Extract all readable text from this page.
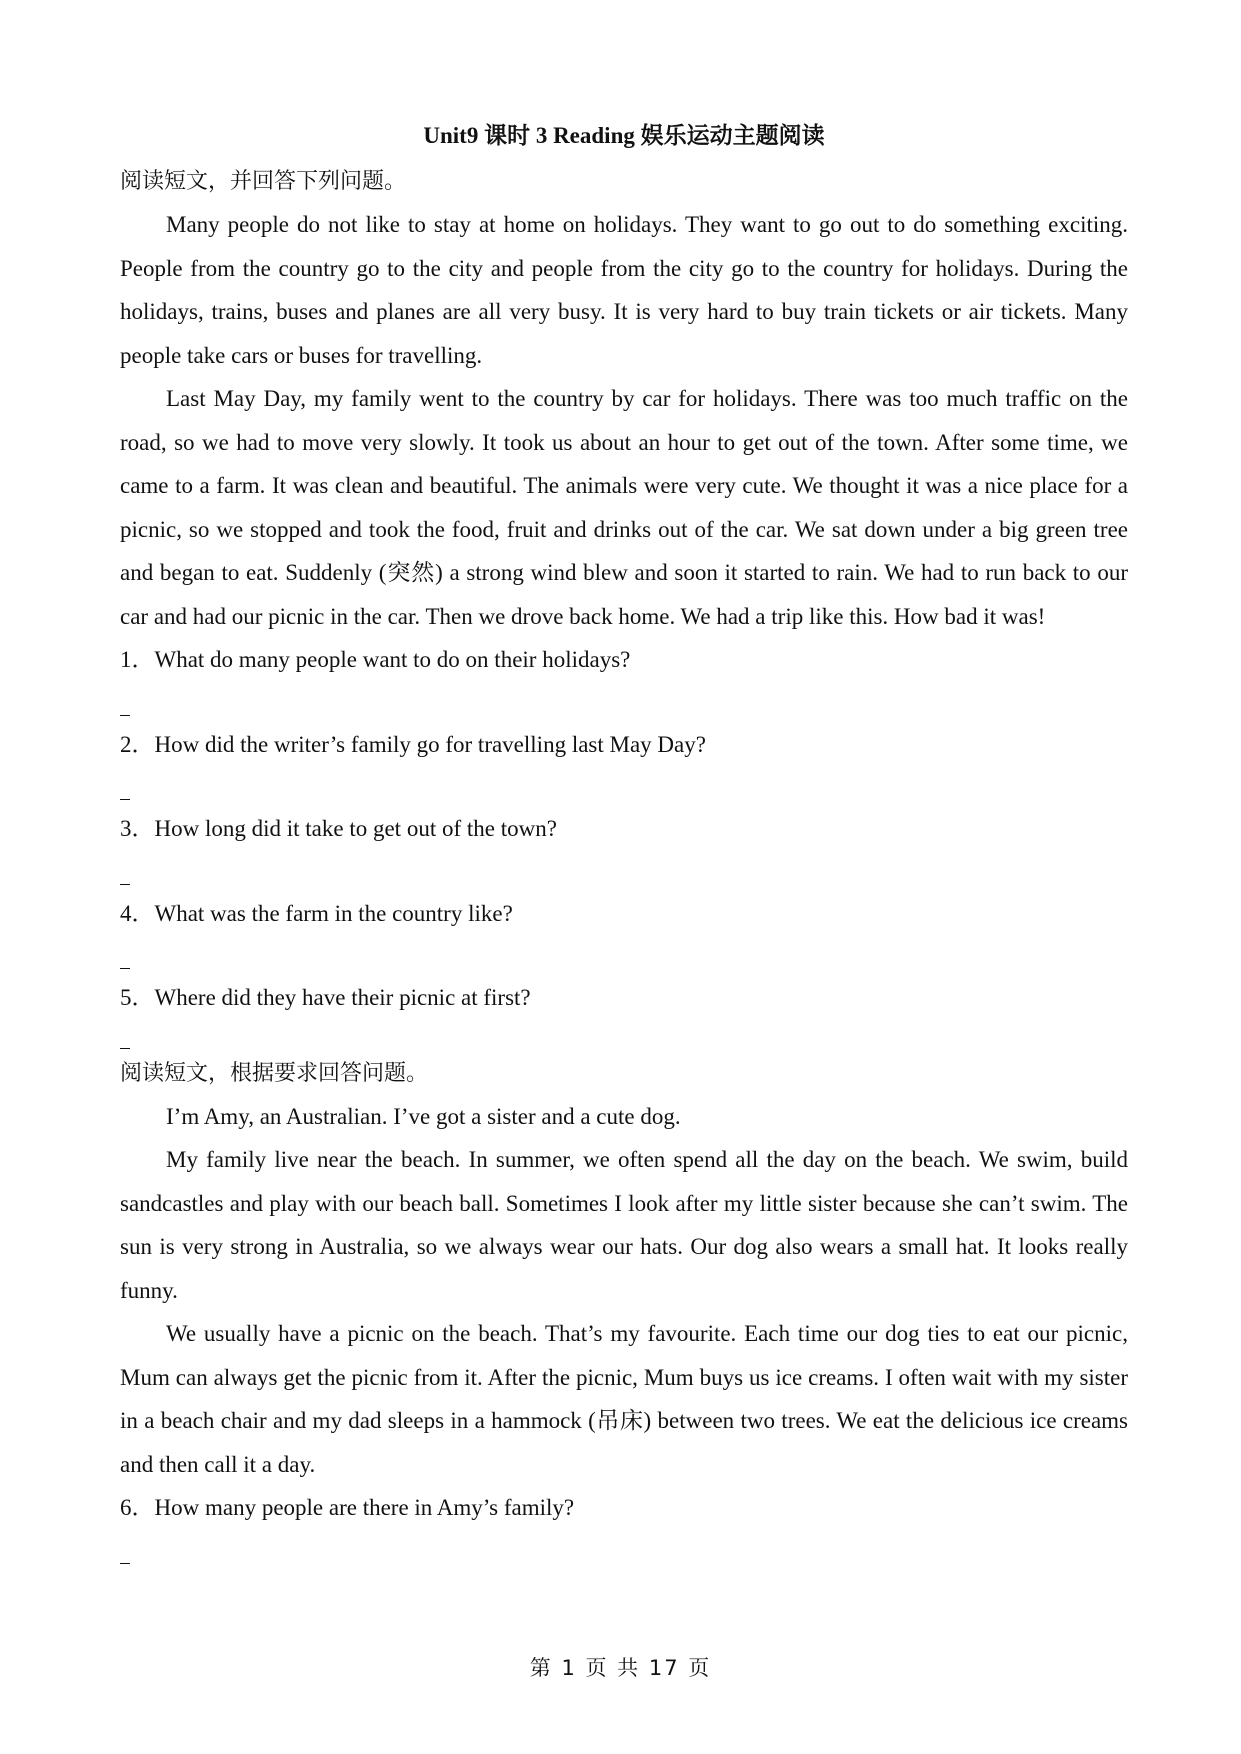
Unit9 课时 3 Reading 娱乐运动主题阅读

阅读短文，并回答下列问题。

Many people do not like to stay at home on holidays. They want to go out to do something exciting. People from the country go to the city and people from the city go to the country for holidays. During the holidays, trains, buses and planes are all very busy. It is very hard to buy train tickets or air tickets. Many people take cars or buses for travelling.

Last May Day, my family went to the country by car for holidays. There was too much traffic on the road, so we had to move very slowly. It took us about an hour to get out of the town. After some time, we came to a farm. It was clean and beautiful. The animals were very cute. We thought it was a nice place for a picnic, so we stopped and took the food, fruit and drinks out of the car. We sat down under a big green tree and began to eat. Suddenly (突然) a strong wind blew and soon it started to rain. We had to run back to our car and had our picnic in the car. Then we drove back home. We had a trip like this. How bad it was!

1．What do many people want to do on their holidays?

2．How did the writer’s family go for travelling last May Day?

3．How long did it take to get out of the town?

4．What was the farm in the country like?

5．Where did they have their picnic at first?

阅读短文，根据要求回答问题。

I’m Amy, an Australian. I’ve got a sister and a cute dog.

My family live near the beach. In summer, we often spend all the day on the beach. We swim, build sandcastles and play with our beach ball. Sometimes I look after my little sister because she can’t swim. The sun is very strong in Australia, so we always wear our hats. Our dog also wears a small hat. It looks really funny.

We usually have a picnic on the beach. That’s my favourite. Each time our dog ties to eat our picnic, Mum can always get the picnic from it. After the picnic, Mum buys us ice creams. I often wait with my sister in a beach chair and my dad sleeps in a hammock (吊床) between two trees. We eat the delicious ice creams and then call it a day.

6．How many people are there in Amy’s family?

第 1 页 共 17 页
